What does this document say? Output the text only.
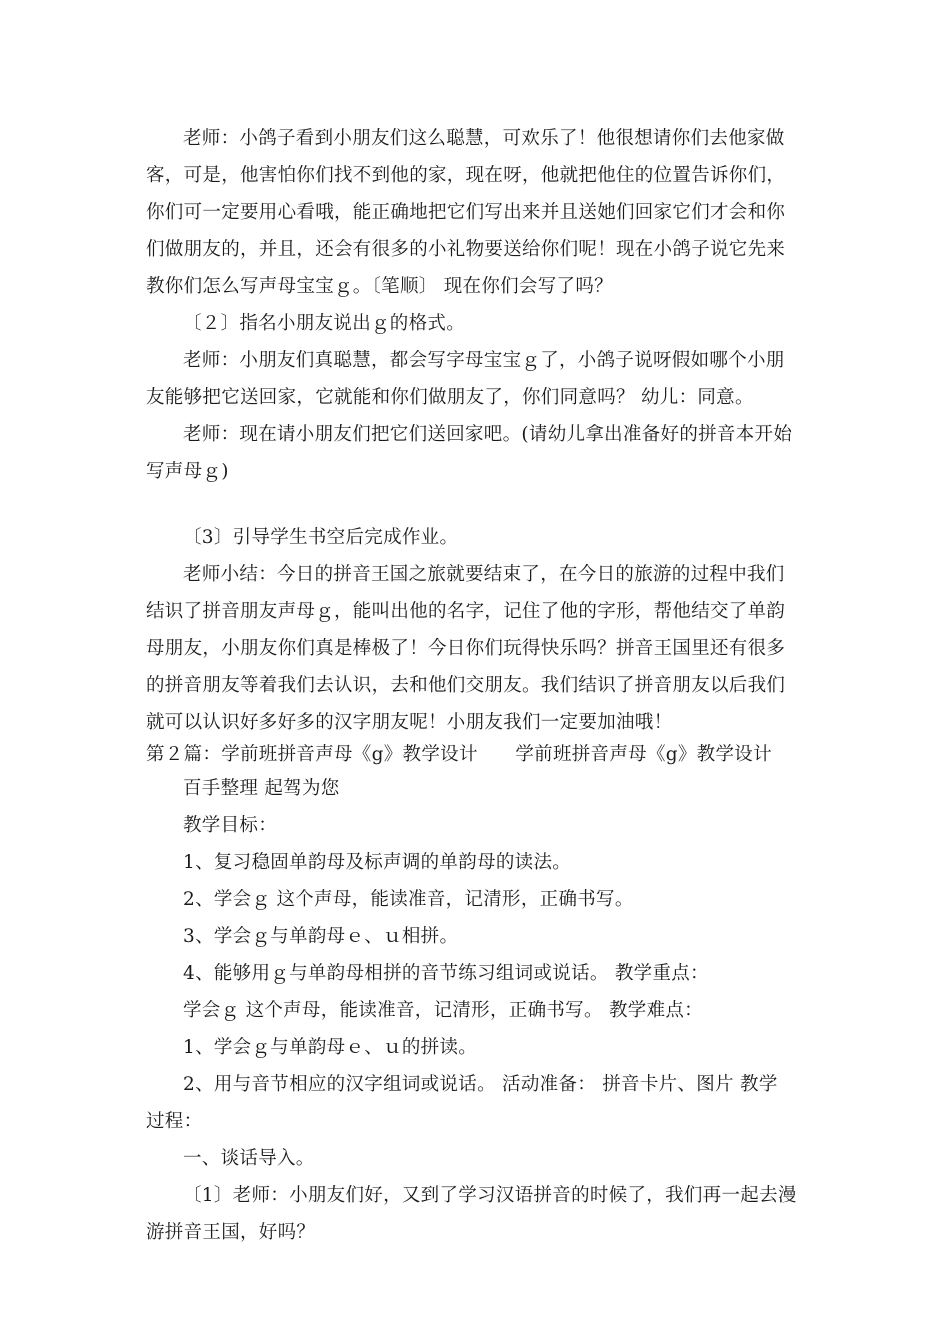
老师：小鸽子看到小朋友们这么聪慧，可欢乐了！他很想请你们去他家做
客，可是，他害怕你们找不到他的家，现在呀，他就把他住的位置告诉你们，
你们可一定要用心看哦，能正确地把它们写出来并且送她们回家它们才会和你
们做朋友的，并且，还会有很多的小礼物要送给你们呢！现在小鸽子说它先来
教你们怎么写声母宝宝ｇ。〔笔顺〕 现在你们会写了吗？
〔２〕指名小朋友说出ｇ的格式。
老师：小朋友们真聪慧，都会写字母宝宝ｇ了，小鸽子说呀假如哪个小朋
友能够把它送回家，它就能和你们做朋友了，你们同意吗？ 幼儿：同意。
老师：现在请小朋友们把它们送回家吧。(请幼儿拿出准备好的拼音本开始
写声母ｇ)
〔3〕引导学生书空后完成作业。
老师小结：今日的拼音王国之旅就要结束了，在今日的旅游的过程中我们
结识了拼音朋友声母ｇ，能叫出他的名字，记住了他的字形，帮他结交了单韵
母朋友，小朋友你们真是棒极了！今日你们玩得快乐吗？拼音王国里还有很多
的拼音朋友等着我们去认识，去和他们交朋友。我们结识了拼音朋友以后我们
就可以认识好多好多的汉字朋友呢！小朋友我们一定要加油哦！
第２篇：学前班拼音声母《g》教学设计　　学前班拼音声母《g》教学设计
百手整理 起驾为您
教学目标：
1、复习稳固单韵母及标声调的单韵母的读法。
2、学会ｇ 这个声母，能读准音，记清形，正确书写。
3、学会ｇ与单韵母ｅ、ｕ相拼。
4、能够用ｇ与单韵母相拼的音节练习组词或说话。 教学重点：
学会ｇ 这个声母，能读准音，记清形，正确书写。 教学难点：
1、学会ｇ与单韵母ｅ、ｕ的拼读。
2、用与音节相应的汉字组词或说话。 活动准备： 拼音卡片、图片 教学
过程：
一、谈话导入。
〔1〕老师：小朋友们好，又到了学习汉语拼音的时候了，我们再一起去漫
游拼音王国，好吗？
